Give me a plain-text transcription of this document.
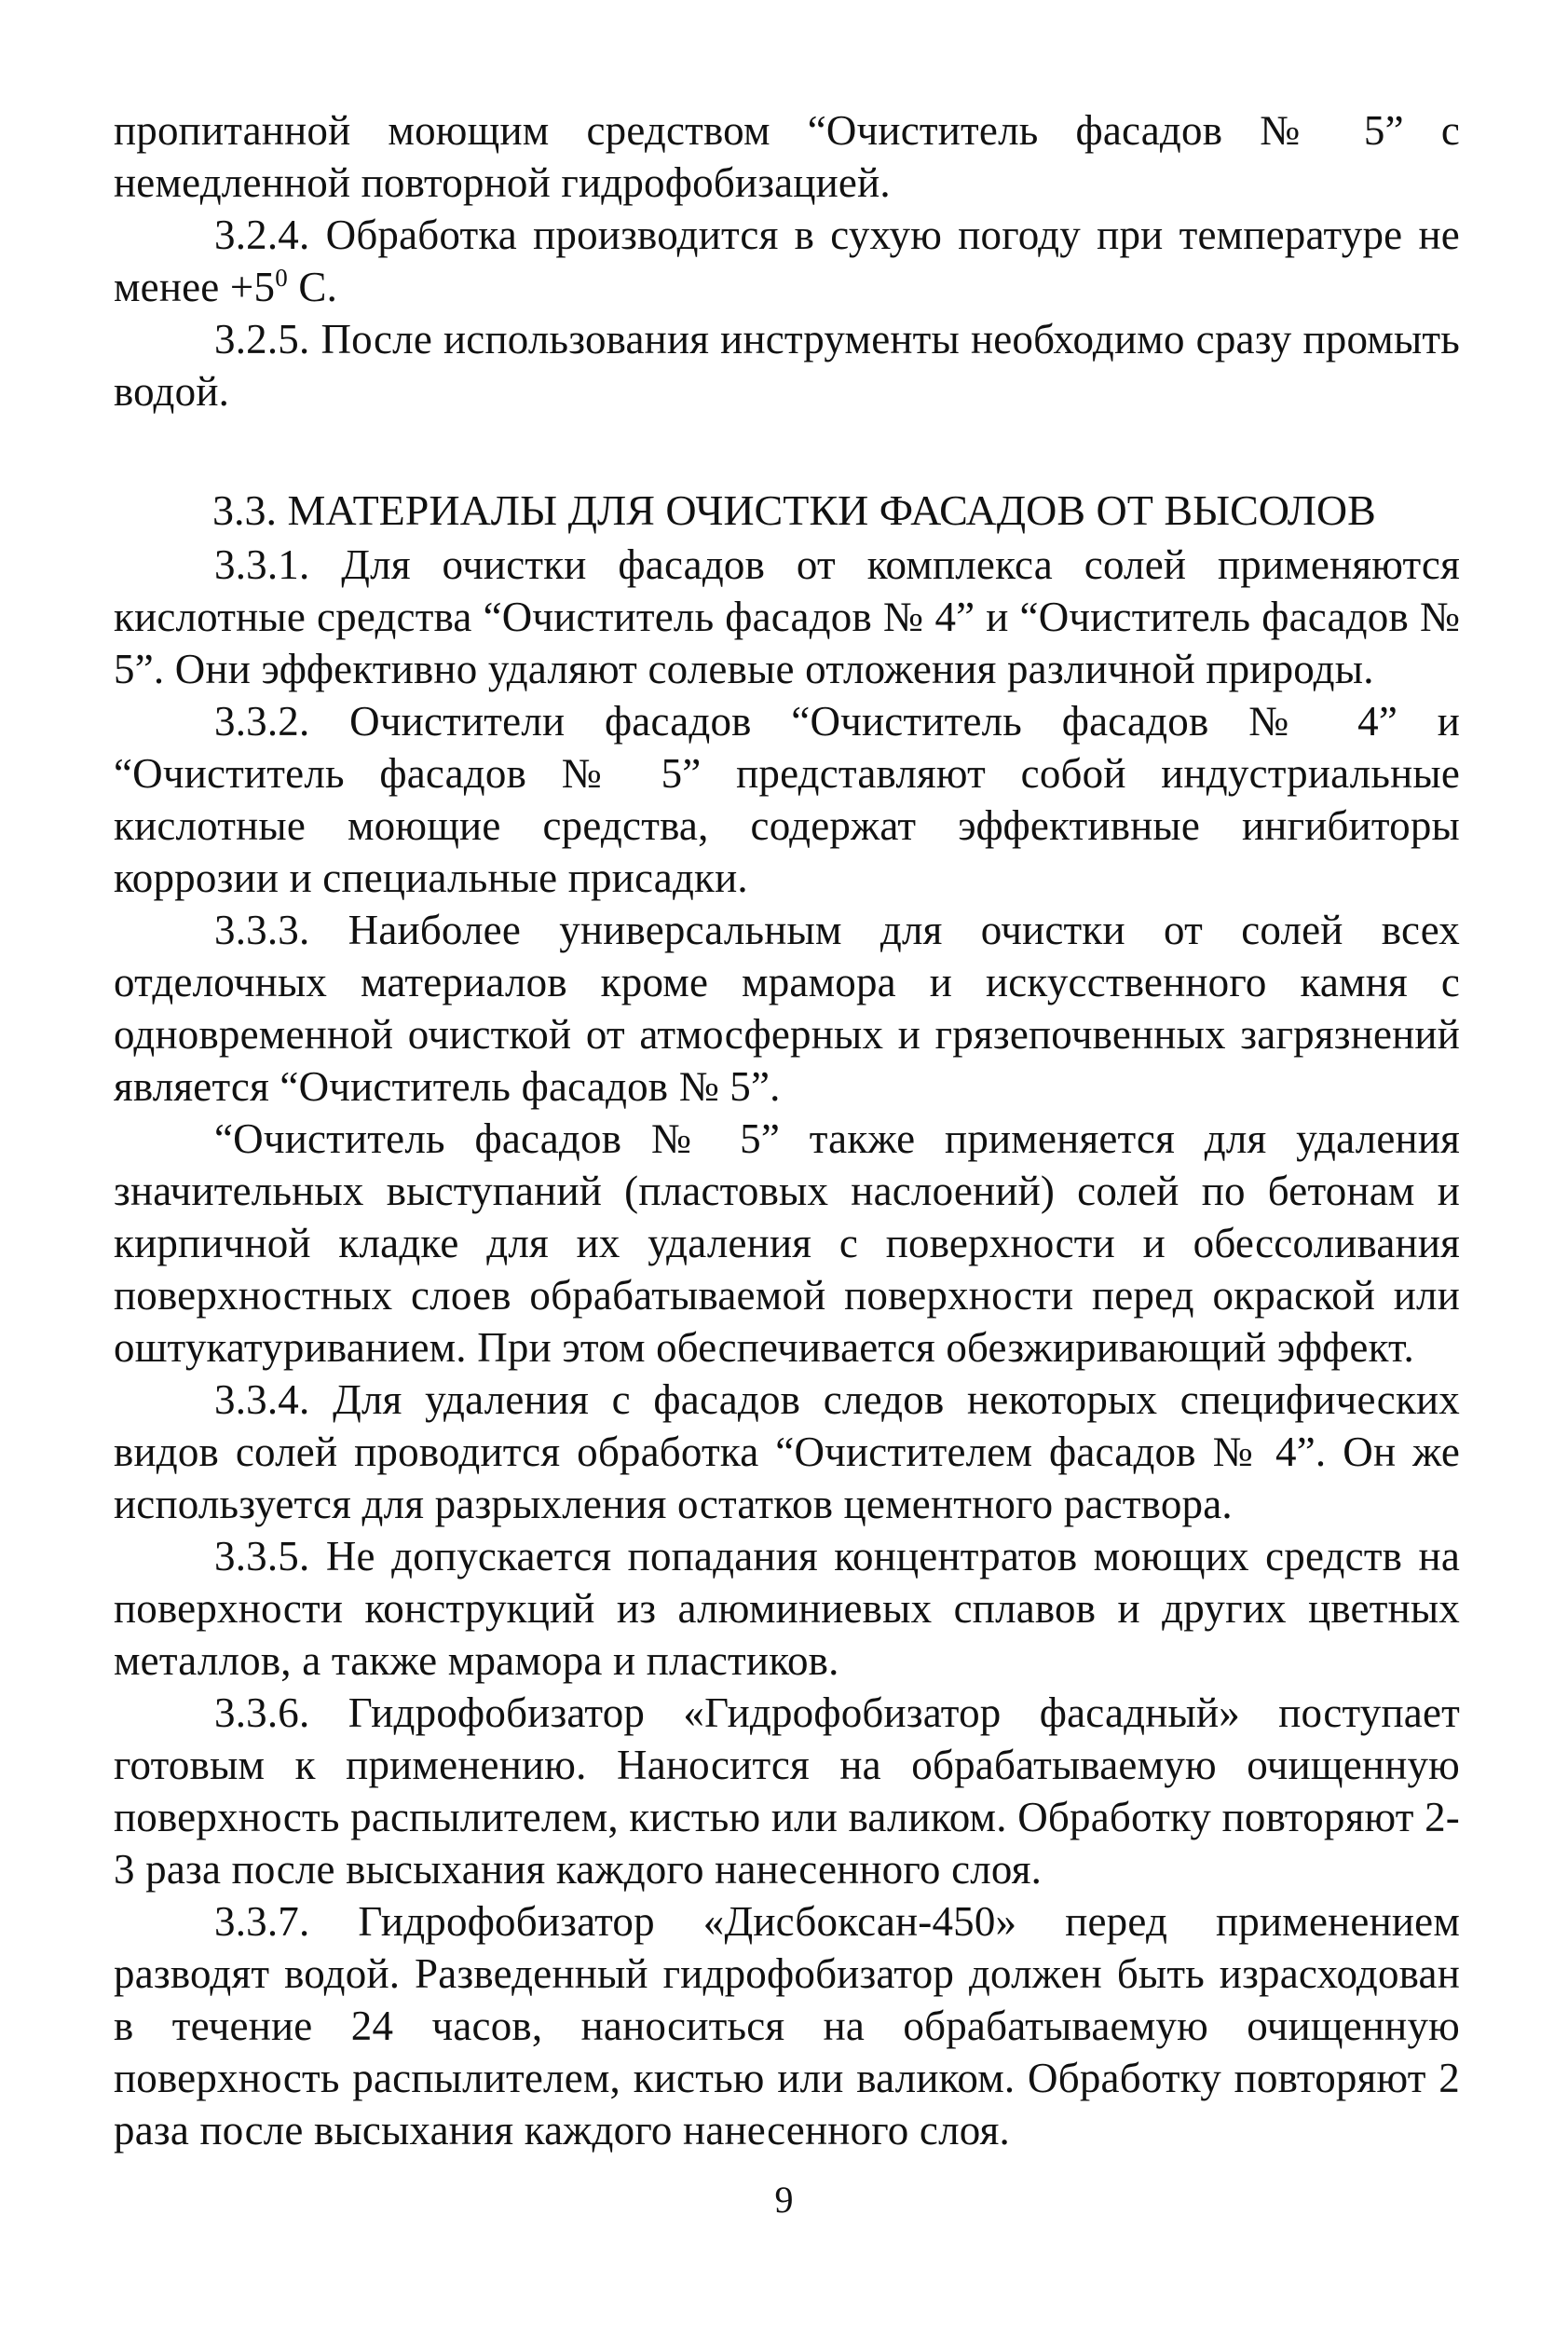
пропитанной моющим средством “Очиститель фасадов № 5” с немедленной повторной гидрофобизацией.

3.2.4. Обработка производится в сухую погоду при температуре не менее $+5^0$ С.

3.2.5. После использования инструменты необходимо сразу промыть водой.

3.3. МАТЕРИАЛЫ ДЛЯ ОЧИСТКИ ФАСАДОВ ОТ ВЫСОЛОВ

3.3.1. Для очистки фасадов от комплекса солей применяются кислотные средства “Очиститель фасадов № 4” и “Очиститель фасадов № 5”. Они эффективно удаляют солевые отложения различной природы.

3.3.2. Очистители фасадов “Очиститель фасадов № 4” и “Очиститель фасадов № 5” представляют собой индустриальные кислотные моющие средства, содержат эффективные ингибиторы коррозии и специальные присадки.

3.3.3. Наиболее универсальным для очистки от солей всех отделочных материалов кроме мрамора и искусственного камня с одновременной очисткой от атмосферных и грязепочвенных загрязнений является “Очиститель фасадов № 5”.

“Очиститель фасадов № 5” также применяется для удаления значительных выступаний (пластовых наслоений) солей по бетонам и кирпичной кладке для их удаления с поверхности и обессоливания поверхностных слоев обрабатываемой поверхности перед окраской или оштукатуриванием. При этом обеспечивается обезжиривающий эффект.

3.3.4. Для удаления с фасадов следов некоторых специфических видов солей проводится обработка “Очистителем фасадов № 4”. Он же используется для разрыхления остатков цементного раствора.

3.3.5. Не допускается попадания концентратов моющих средств на поверхности конструкций из алюминиевых сплавов и других цветных металлов, а также мрамора и пластиков.

3.3.6. Гидрофобизатор «Гидрофобизатор фасадный» поступает готовым к применению. Наносится на обрабатываемую очищенную поверхность распылителем, кистью или валиком. Обработку повторяют 2-3 раза после высыхания каждого нанесенного слоя.

3.3.7. Гидрофобизатор «Дисбоксан-450» перед применением разводят водой. Разведенный гидрофобизатор должен быть израсходован в течение 24 часов, наноситься на обрабатываемую очищенную поверхность распылителем, кистью или валиком. Обработку повторяют 2 раза после высыхания каждого нанесенного слоя.

9
